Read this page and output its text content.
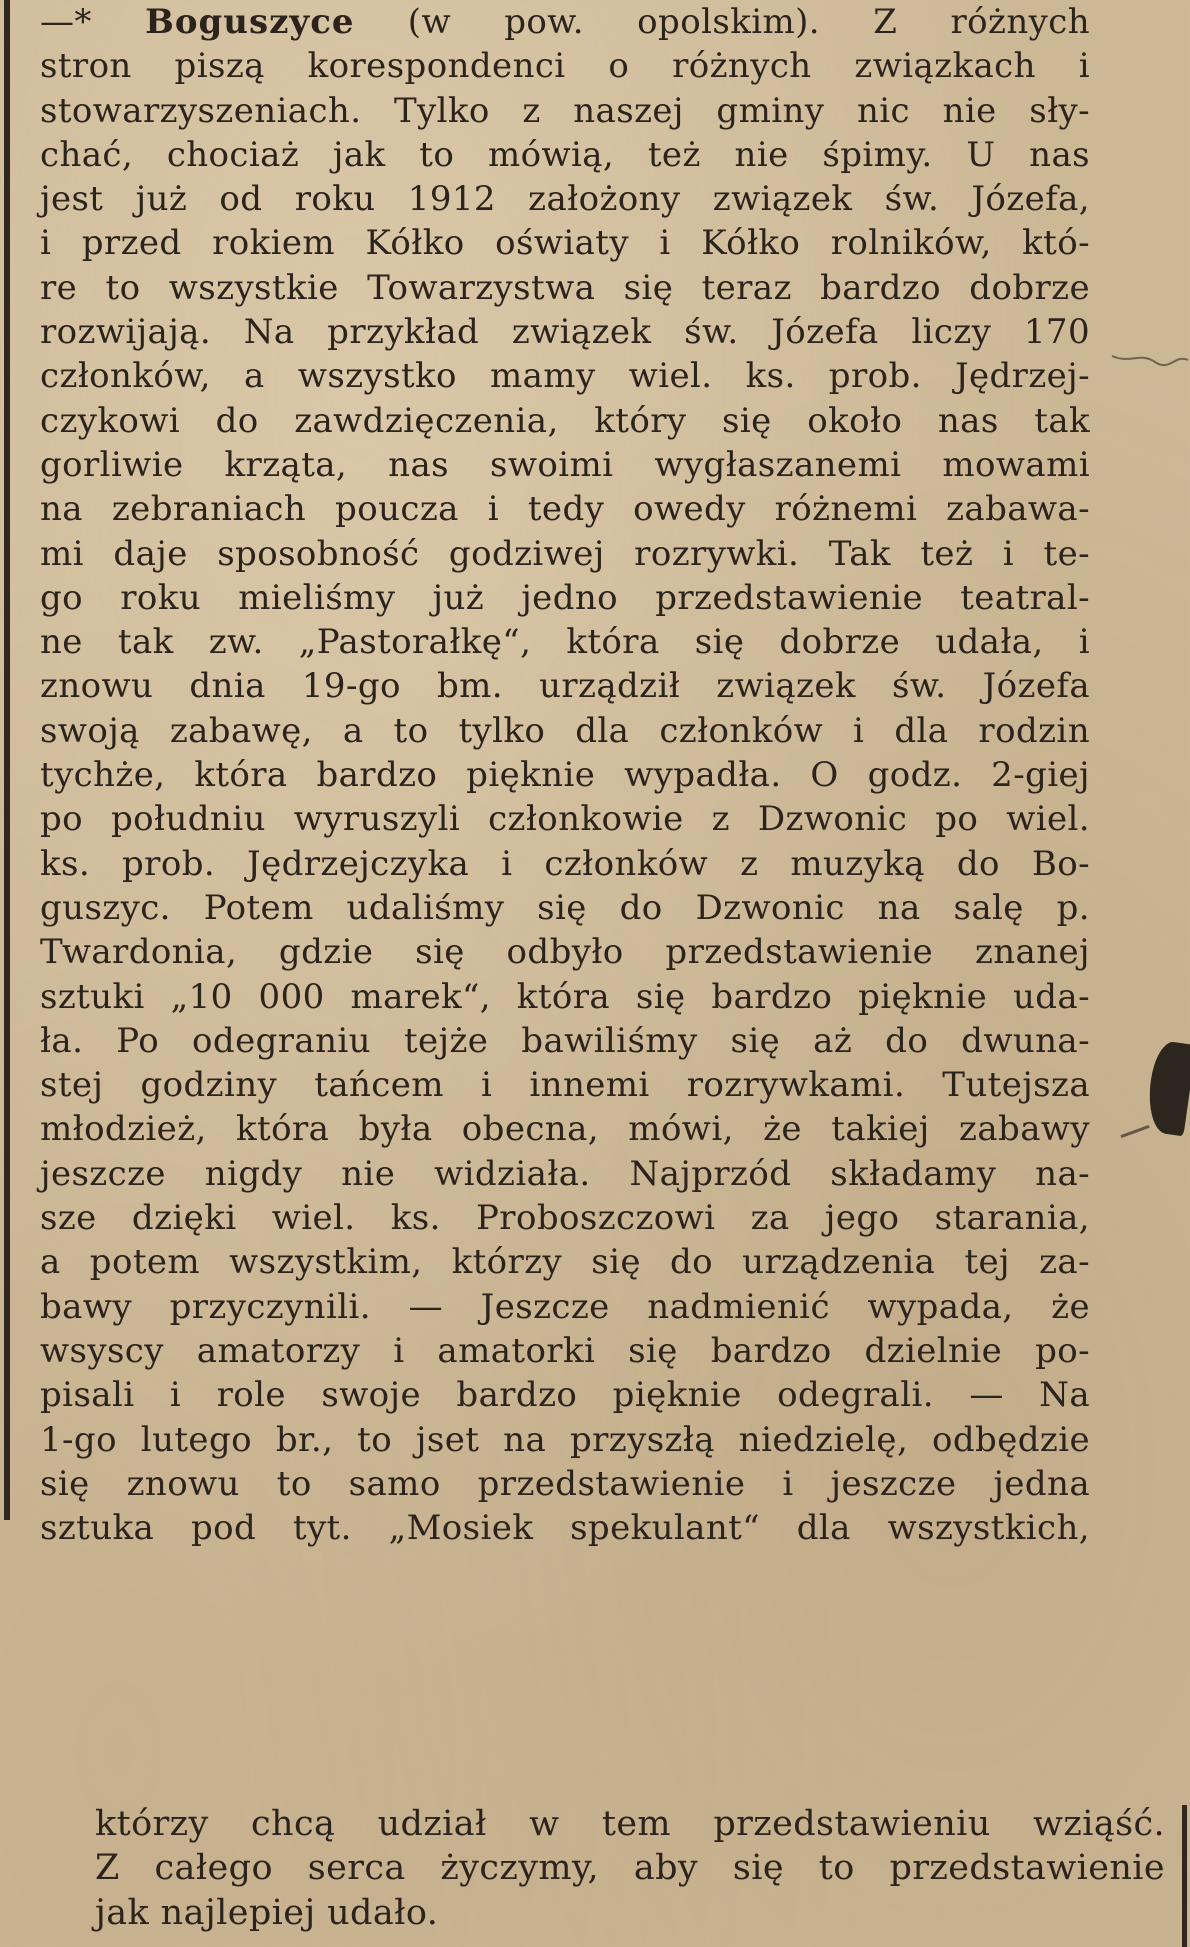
—* Boguszyce (w pow. opolskim). Z różnych
stron piszą korespondenci o różnych związkach i
stowarzyszeniach. Tylko z naszej gminy nic nie sły-
chać, chociaż jak to mówią, też nie śpimy. U nas
jest już od roku 1912 założony związek św. Józefa,
i przed rokiem Kółko oświaty i Kółko rolników, któ-
re to wszystkie Towarzystwa się teraz bardzo dobrze
rozwijają. Na przykład związek św. Józefa liczy 170
członków, a wszystko mamy wiel. ks. prob. Jędrzej-
czykowi do zawdzięczenia, który się około nas tak
gorliwie krząta, nas swoimi wygłaszanemi mowami
na zebraniach poucza i tedy owedy różnemi zabawa-
mi daje sposobność godziwej rozrywki. Tak też i te-
go roku mieliśmy już jedno przedstawienie teatral-
ne tak zw. „Pastorałkę“, która się dobrze udała, i
znowu dnia 19-go bm. urządził związek św. Józefa
swoją zabawę, a to tylko dla członków i dla rodzin
tychże, która bardzo pięknie wypadła. O godz. 2-giej
po południu wyruszyli członkowie z Dzwonic po wiel.
ks. prob. Jędrzejczyka i członków z muzyką do Bo-
guszyc. Potem udaliśmy się do Dzwonic na salę p.
Twardonia, gdzie się odbyło przedstawienie znanej
sztuki „10 000 marek“, która się bardzo pięknie uda-
ła. Po odegraniu tejże bawiliśmy się aż do dwuna-
stej godziny tańcem i innemi rozrywkami. Tutejsza
młodzież, która była obecna, mówi, że takiej zabawy
jeszcze nigdy nie widziała. Najprzód składamy na-
sze dzięki wiel. ks. Proboszczowi za jego starania,
a potem wszystkim, którzy się do urządzenia tej za-
bawy przyczynili. — Jeszcze nadmienić wypada, że
wsyscy amatorzy i amatorki się bardzo dzielnie po-
pisali i role swoje bardzo pięknie odegrali. — Na
1-go lutego br., to jset na przyszłą niedzielę, odbędzie
się znowu to samo przedstawienie i jeszcze jedna
sztuka pod tyt. „Mosiek spekulant“ dla wszystkich,
którzy chcą udział w tem przedstawieniu wziąść.
Z całego serca życzymy, aby się to przedstawienie
jak najlepiej udało.
